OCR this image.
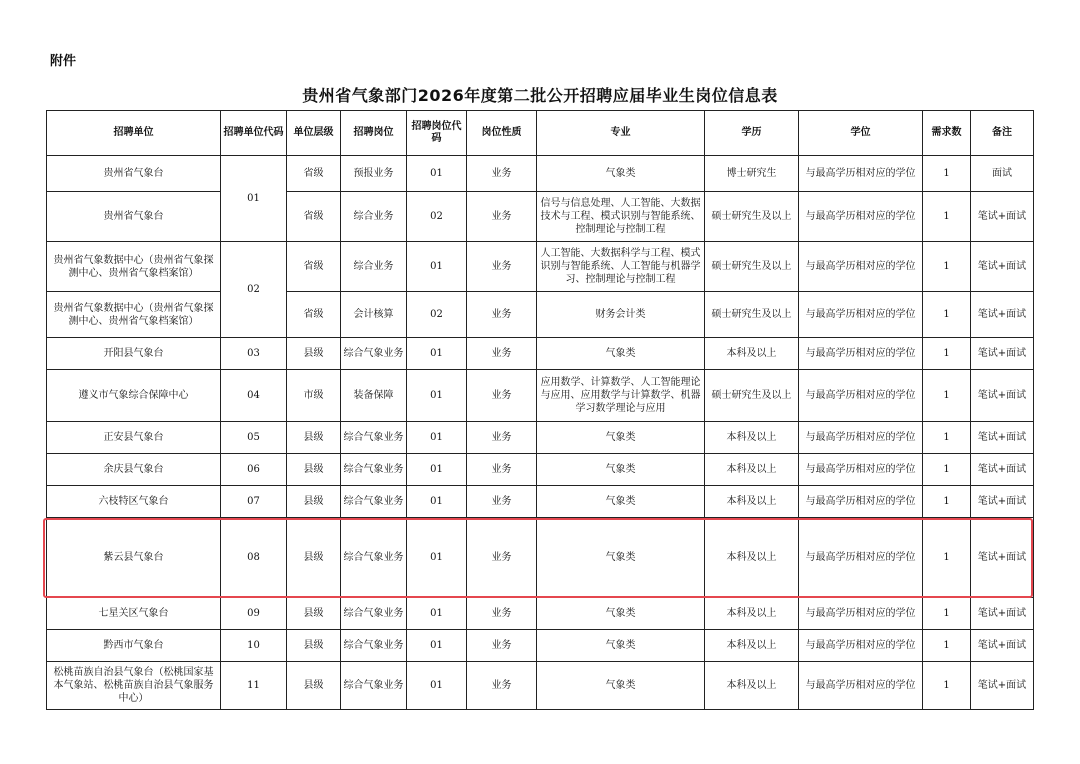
附件
贵州省气象部门2026年度第二批公开招聘应届毕业生岗位信息表
招聘单位	招聘单位代码	单位层级	招聘岗位	招聘岗位代码	岗位性质	专业	学历	学位	需求数	备注
贵州省气象台	01	省级	预报业务	01	业务	气象类	博士研究生	与最高学历相对应的学位	1	面试
贵州省气象台		省级	综合业务	02	业务	信号与信息处理、人工智能、大数据技术与工程、模式识别与智能系统、控制理论与控制工程	硕士研究生及以上	与最高学历相对应的学位	1	笔试+面试
贵州省气象数据中心（贵州省气象探测中心、贵州省气象档案馆）	02	省级	综合业务	01	业务	人工智能、大数据科学与工程、模式识别与智能系统、人工智能与机器学习、控制理论与控制工程	硕士研究生及以上	与最高学历相对应的学位	1	笔试+面试
贵州省气象数据中心（贵州省气象探测中心、贵州省气象档案馆）		省级	会计核算	02	业务	财务会计类	硕士研究生及以上	与最高学历相对应的学位	1	笔试+面试
开阳县气象台	03	县级	综合气象业务	01	业务	气象类	本科及以上	与最高学历相对应的学位	1	笔试+面试
遵义市气象综合保障中心	04	市级	装备保障	01	业务	应用数学、计算数学、人工智能理论与应用、应用数学与计算数学、机器学习数学理论与应用	硕士研究生及以上	与最高学历相对应的学位	1	笔试+面试
正安县气象台	05	县级	综合气象业务	01	业务	气象类	本科及以上	与最高学历相对应的学位	1	笔试+面试
余庆县气象台	06	县级	综合气象业务	01	业务	气象类	本科及以上	与最高学历相对应的学位	1	笔试+面试
六枝特区气象台	07	县级	综合气象业务	01	业务	气象类	本科及以上	与最高学历相对应的学位	1	笔试+面试
紫云县气象台	08	县级	综合气象业务	01	业务	气象类	本科及以上	与最高学历相对应的学位	1	笔试+面试
七星关区气象台	09	县级	综合气象业务	01	业务	气象类	本科及以上	与最高学历相对应的学位	1	笔试+面试
黔西市气象台	10	县级	综合气象业务	01	业务	气象类	本科及以上	与最高学历相对应的学位	1	笔试+面试
松桃苗族自治县气象台（松桃国家基本气象站、松桃苗族自治县气象服务中心）	11	县级	综合气象业务	01	业务	气象类	本科及以上	与最高学历相对应的学位	1	笔试+面试
